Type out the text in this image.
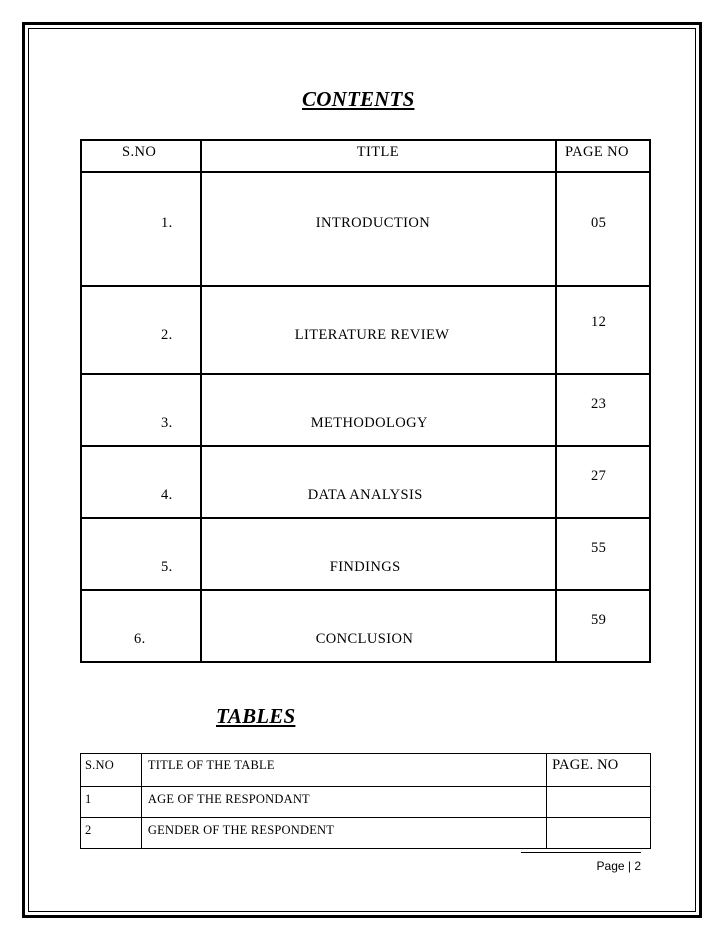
CONTENTS
S.NO	TITLE	PAGE NO

1.	INTRODUCTION	05

2.	LITERATURE REVIEW	12

3.	METHODOLOGY	23

4.	DATA ANALYSIS	27

5.	FINDINGS	55

6.	CONCLUSION	59
TABLES
S.NO	TITLE OF THE TABLE	PAGE. NO

1	AGE OF THE RESPONDANT	

2	GENDER OF THE RESPONDENT	

Page | 2
